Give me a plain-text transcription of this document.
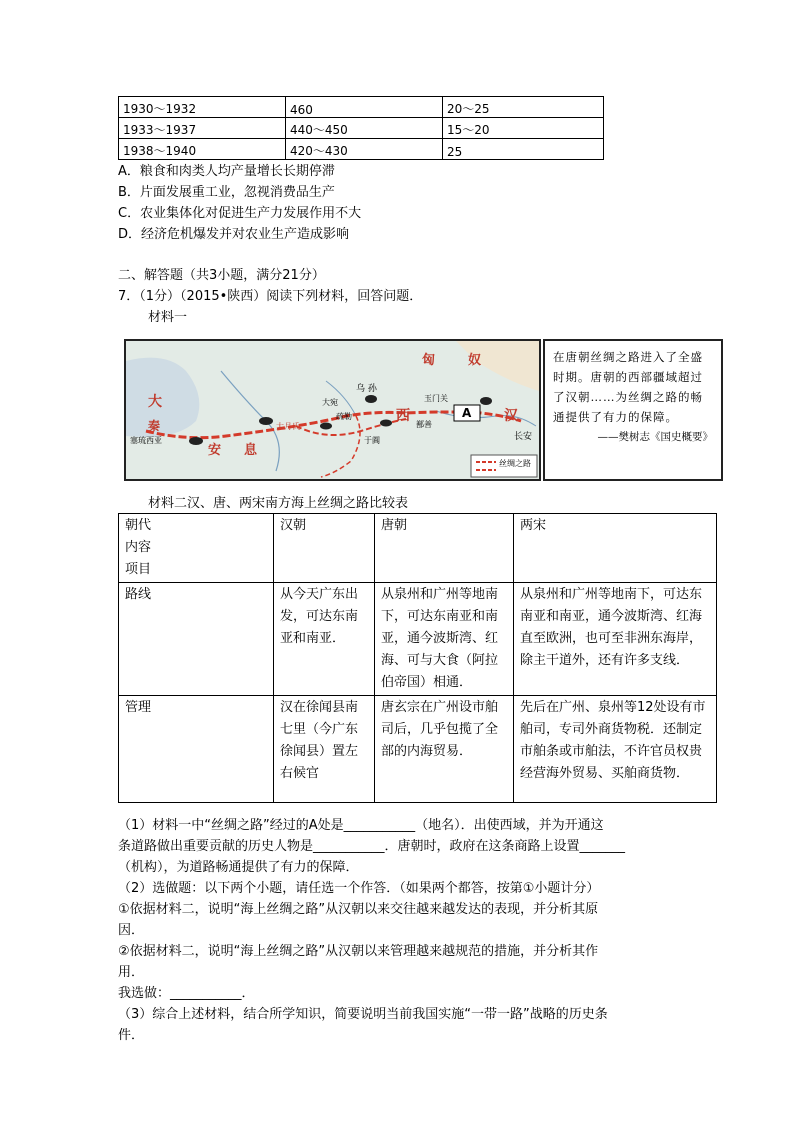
1930～1932	460	20～25
1933～1937	440～450	15～20
1938～1940	420～430	25
A．粮食和肉类人均产量增长长期停滞
B．片面发展重工业，忽视消费品生产
C．农业集体化对促进生产力发展作用不大
D．经济危机爆发并对农业生产造成影响
二、解答题（共3小题，满分21分）
7．（1分）（2015•陕西）阅读下列材料，回答问题．
材料一
匈	奴
大
秦
安 息
西	汉
乌 孙
大宛
疏勒
大月氏
于阗
鄯善
玉门关
长安
塞琉西亚
A
丝绸之路
在唐朝丝绸之路进入了全盛时期。唐朝的西部疆域超过了汉朝……为丝绸之路的畅通提供了有力的保障。
——樊树志《国史概要》
材料二汉、唐、两宋南方海上丝绸之路比较表
朝代
内容
项目	汉朝	唐朝	两宋
路线	从今天广东出发，可达东南亚和南亚．	从泉州和广州等地南下，可达东南亚和南亚，通今波斯湾、红海、可与大食（阿拉伯帝国）相通．	从泉州和广州等地南下，可达东南亚和南亚，通今波斯湾、红海直至欧洲，也可至非洲东海岸，除主干道外，还有许多支线．
管理	汉在徐闻县南七里（今广东徐闻县）置左右候官	唐玄宗在广州设市舶司后，几乎包揽了全部的内海贸易．	先后在广州、泉州等12处设有市舶司，专司外商货物税．还制定市舶条或市舶法，不许官员权贵经营海外贸易、买舶商货物．
（1）材料一中“丝绸之路”经过的A处是___________（地名）．出使西域，并为开通这
条道路做出重要贡献的历史人物是___________．唐朝时，政府在这条商路上设置_______
（机构），为道路畅通提供了有力的保障．
（2）选做题：以下两个小题，请任选一个作答．（如果两个都答，按第①小题计分）
①依据材料二，说明“海上丝绸之路”从汉朝以来交往越来越发达的表现，并分析其原
因．
②依据材料二，说明“海上丝绸之路”从汉朝以来管理越来越规范的措施，并分析其作
用．
我选做：___________．
（3）综合上述材料，结合所学知识，简要说明当前我国实施“一带一路”战略的历史条
件．
